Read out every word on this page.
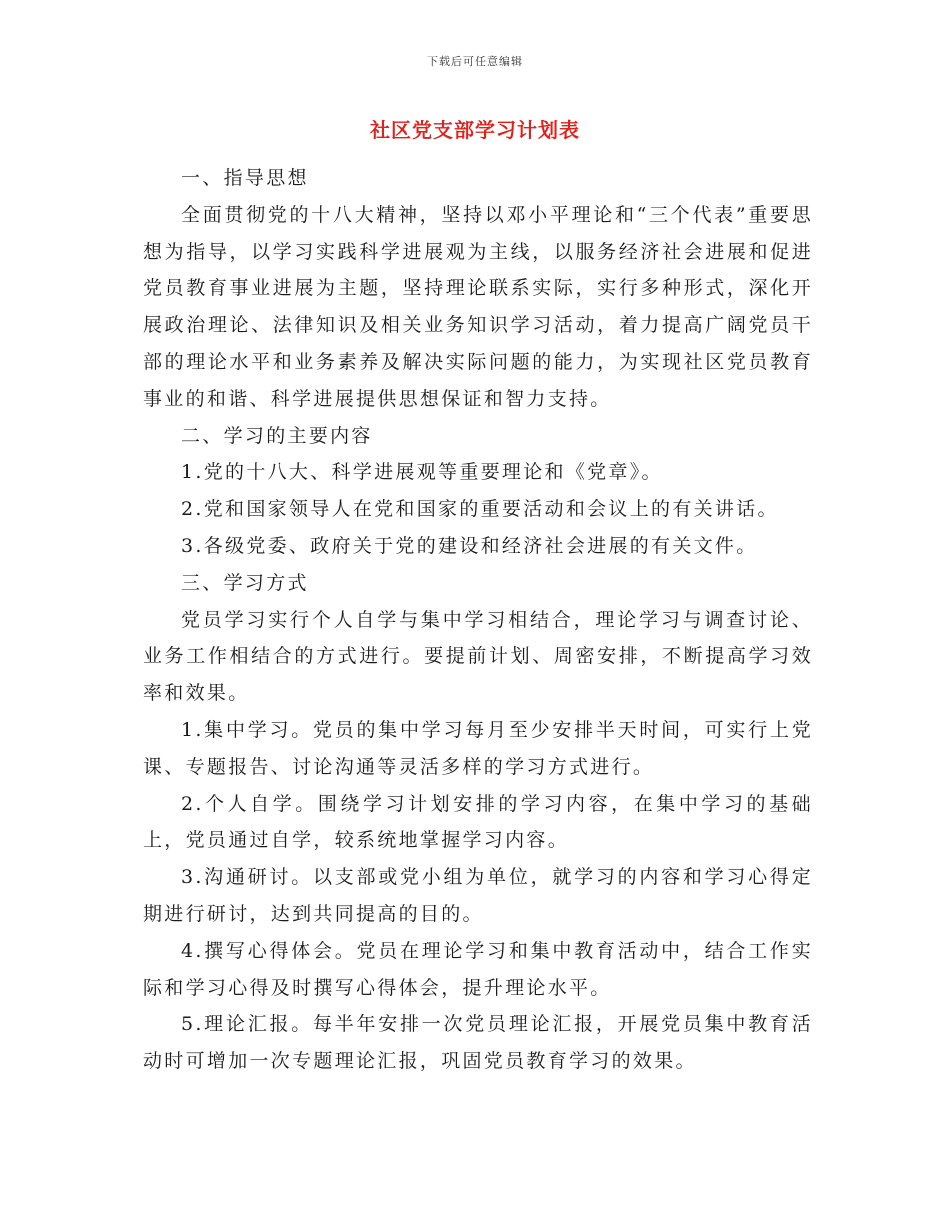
下载后可任意编辑
社区党支部学习计划表

一、指导思想

全面贯彻党的十八大精神，坚持以邓小平理论和“三个代表”重要思想为指导，以学习实践科学进展观为主线，以服务经济社会进展和促进党员教育事业进展为主题，坚持理论联系实际，实行多种形式，深化开展政治理论、法律知识及相关业务知识学习活动，着力提高广阔党员干部的理论水平和业务素养及解决实际问题的能力，为实现社区党员教育事业的和谐、科学进展提供思想保证和智力支持。

二、学习的主要内容

1.党的十八大、科学进展观等重要理论和《党章》。

2.党和国家领导人在党和国家的重要活动和会议上的有关讲话。

3.各级党委、政府关于党的建设和经济社会进展的有关文件。

三、学习方式

党员学习实行个人自学与集中学习相结合，理论学习与调查讨论、业务工作相结合的方式进行。要提前计划、周密安排，不断提高学习效率和效果。

1.集中学习。党员的集中学习每月至少安排半天时间，可实行上党课、专题报告、讨论沟通等灵活多样的学习方式进行。

2.个人自学。围绕学习计划安排的学习内容，在集中学习的基础上，党员通过自学，较系统地掌握学习内容。

3.沟通研讨。以支部或党小组为单位，就学习的内容和学习心得定期进行研讨，达到共同提高的目的。

4.撰写心得体会。党员在理论学习和集中教育活动中，结合工作实际和学习心得及时撰写心得体会，提升理论水平。

5.理论汇报。每半年安排一次党员理论汇报，开展党员集中教育活动时可增加一次专题理论汇报，巩固党员教育学习的效果。
